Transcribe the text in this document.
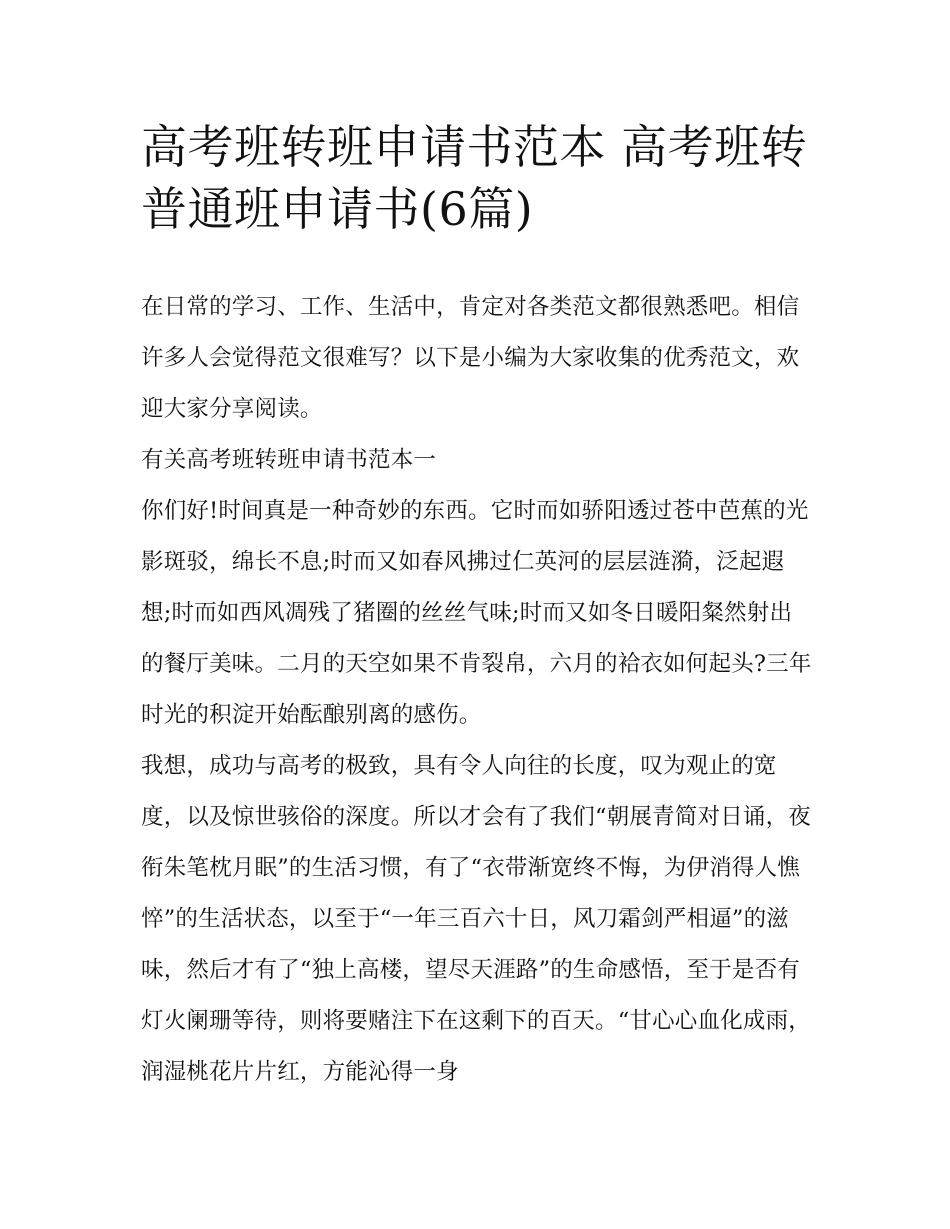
高考班转班申请书范本 高考班转普通班申请书(6篇)

在日常的学习、工作、生活中，肯定对各类范文都很熟悉吧。相信许多人会觉得范文很难写？以下是小编为大家收集的优秀范文，欢迎大家分享阅读。

有关高考班转班申请书范本一

你们好!时间真是一种奇妙的东西。它时而如骄阳透过苍中芭蕉的光影斑驳，绵长不息;时而又如春风拂过仁英河的层层涟漪，泛起遐想;时而如西风凋残了猪圈的丝丝气味;时而又如冬日暖阳粲然射出的餐厅美味。二月的天空如果不肯裂帛，六月的袷衣如何起头?三年时光的积淀开始酝酿别离的感伤。

我想，成功与高考的极致，具有令人向往的长度，叹为观止的宽度，以及惊世骇俗的深度。所以才会有了我们“朝展青简对日诵，夜衔朱笔枕月眠”的生活习惯，有了“衣带渐宽终不悔，为伊消得人憔悴”的生活状态，以至于“一年三百六十日，风刀霜剑严相逼”的滋味，然后才有了“独上高楼，望尽天涯路”的生命感悟，至于是否有灯火阑珊等待，则将要赌注下在这剩下的百天。“甘心心血化成雨，润湿桃花片片红，方能沁得一身
